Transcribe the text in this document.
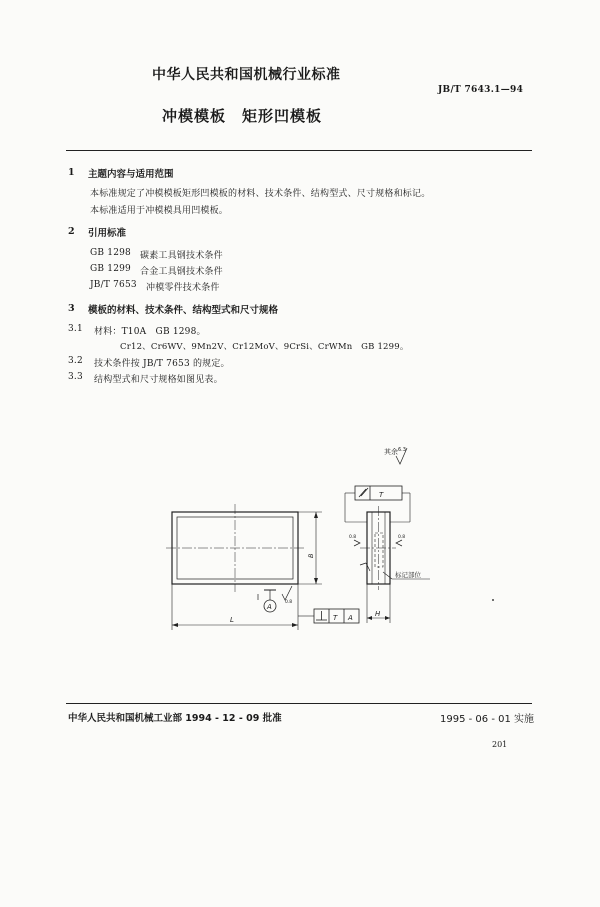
中华人民共和国机械行业标准
JB/T 7643.1—94
冲模模板　矩形凹模板
1 主题内容与适用范围
本标准规定了冲模模板矩形凹模板的材料、技术条件、结构型式、尺寸规格和标记。
本标准适用于冲模模具用凹模板。
2 引用标准
GB 1298 碳素工具钢技术条件
GB 1299 合金工具钢技术条件
JB/T 7653 冲模零件技术条件
3 模板的材料、技术条件、结构型式和尺寸规格
3.1 材料：T10A　GB 1298。
Cr12、Cr6WV、9Mn2V、Cr12MoV、9CrSi、CrWMn　GB 1299。
3.2 技术条件按 JB/T 7653 的规定。
3.3 结构型式和尺寸规格如图见表。
其余 6.3
T
A
T A
标记部位
L
B
H
0.8
0.8	0.8
中华人民共和国机械工业部 1994 - 12 - 09 批准	1995 - 06 - 01 实施
201
